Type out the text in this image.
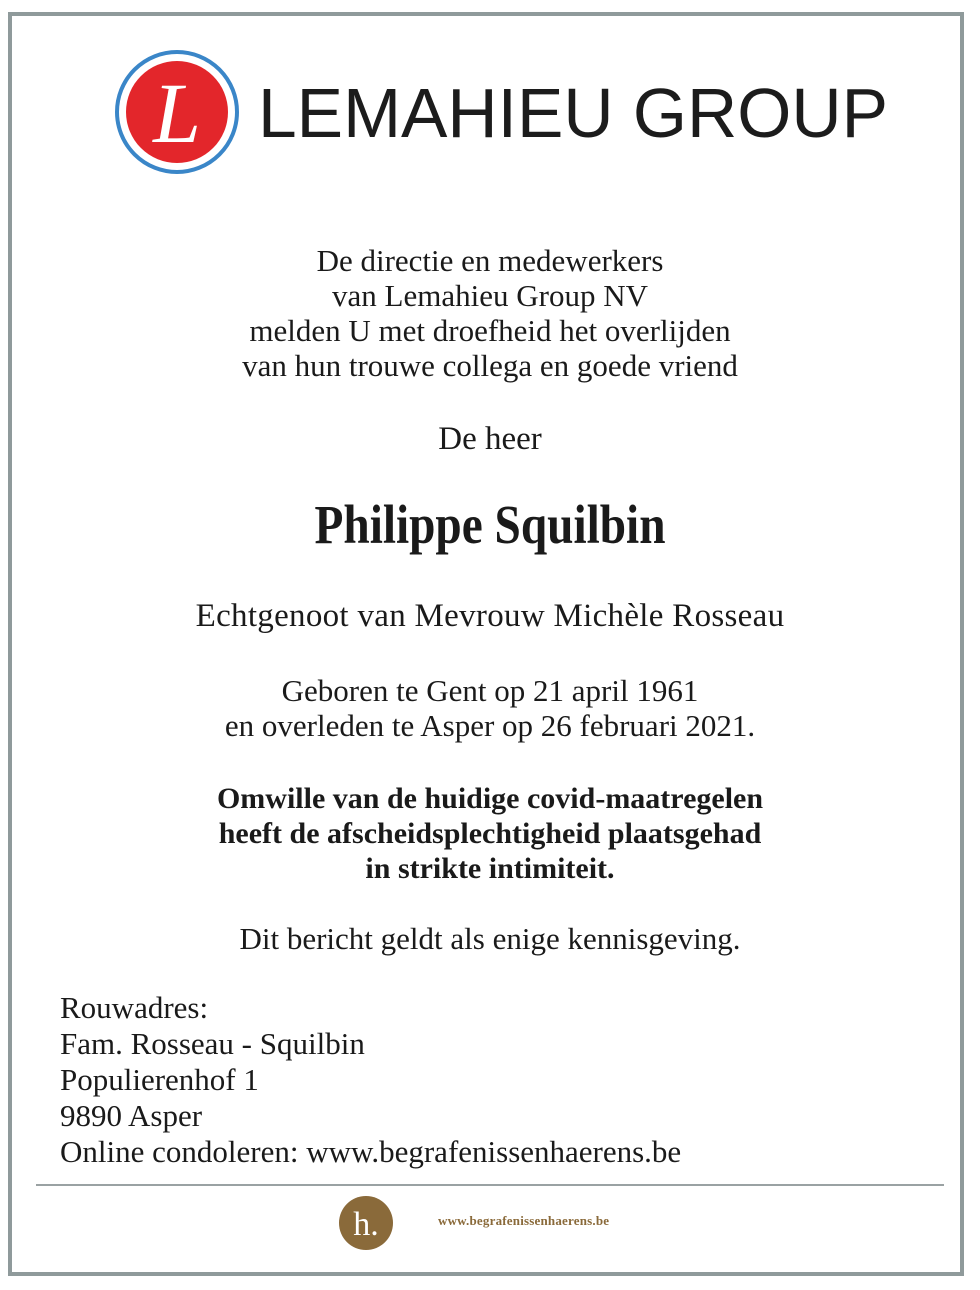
L LEMAHIEU GROUP
De directie en medewerkers
van Lemahieu Group NV
melden U met droefheid het overlijden
van hun trouwe collega en goede vriend
De heer
Philippe Squilbin
Echtgenoot van Mevrouw Michèle Rosseau
Geboren te Gent op 21 april 1961
en overleden te Asper op 26 februari 2021.
Omwille van de huidige covid-maatregelen
heeft de afscheidsplechtigheid plaatsgehad
in strikte intimiteit.
Dit bericht geldt als enige kennisgeving.
Rouwadres:
Fam. Rosseau - Squilbin
Populierenhof 1
9890 Asper
Online condoleren: www.begrafenissenhaerens.be
h.	www.begrafenissenhaerens.be
